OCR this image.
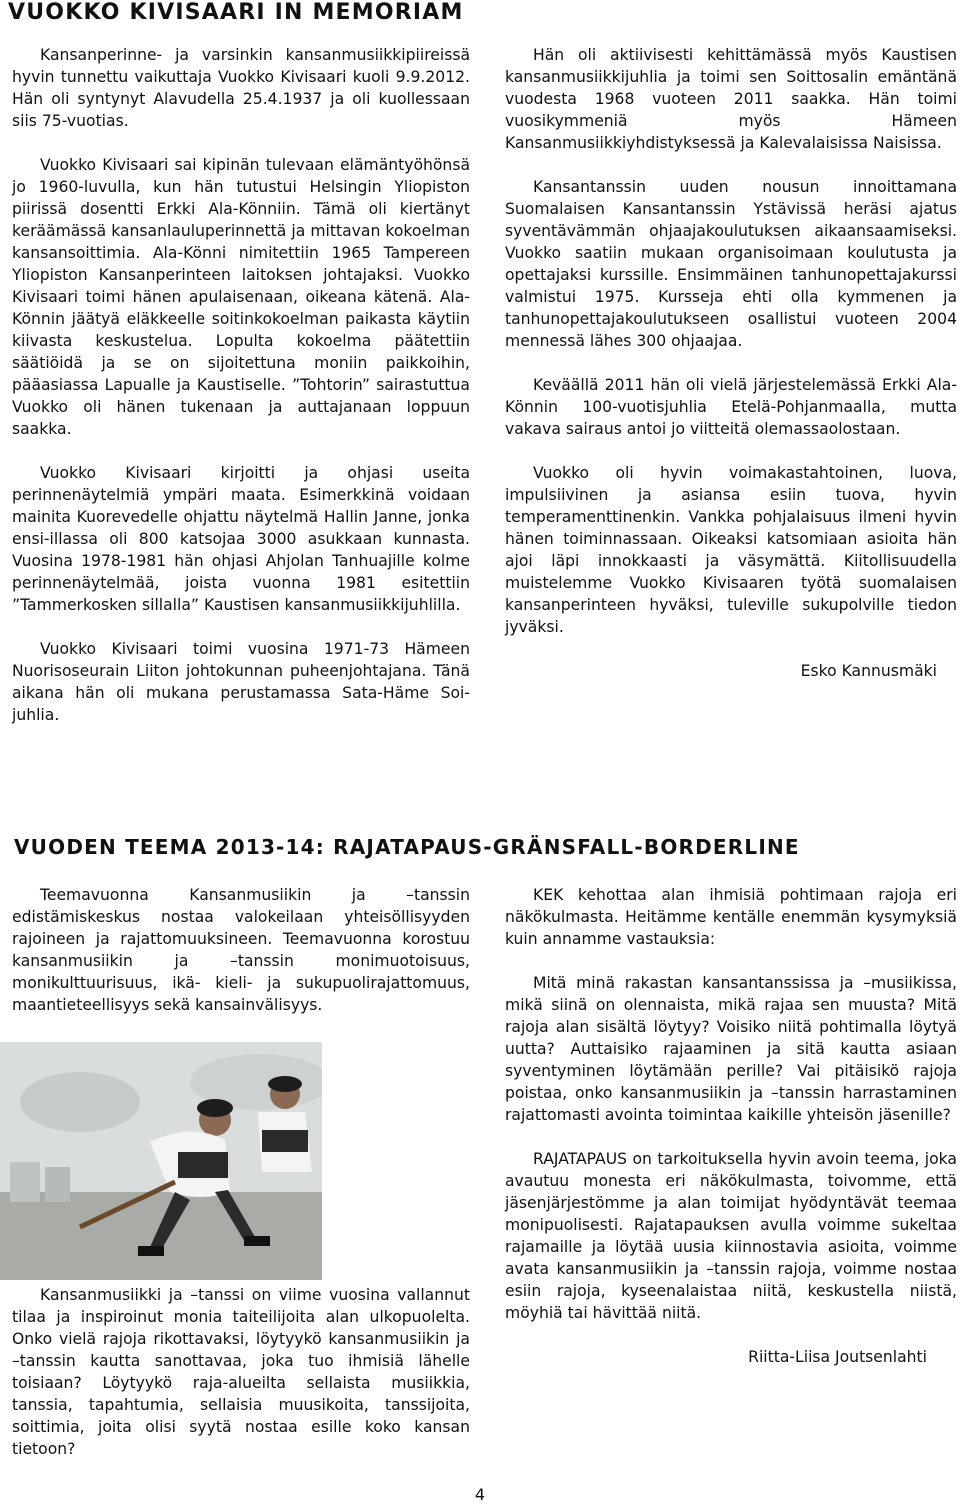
VUOKKO KIVISAARI IN MEMORIAM

Kansanperinne- ja varsinkin kansanmusiikkipiireissä hyvin tunnettu vaikuttaja Vuokko Kivisaari kuoli 9.9.2012. Hän oli syntynyt Alavudella 25.4.1937 ja oli kuollessaan siis 75-vuotias.

Vuokko Kivisaari sai kipinän tulevaan elämäntyöhönsä jo 1960-luvulla, kun hän tutustui Helsingin Yliopiston piirissä dosentti Erkki Ala-Könniin. Tämä oli kiertänyt keräämässä kansanlauluperinnettä ja mittavan kokoelman kansansoittimia. Ala-Könni nimitettiin 1965 Tampereen Yliopiston Kansanperinteen laitoksen johtajaksi. Vuokko Kivisaari toimi hänen apulaisenaan, oikeana kätenä. Ala-Könnin jäätyä eläkkeelle soitinkokoelman paikasta käytiin kiivasta keskustelua. Lopulta kokoelma päätettiin säätiöidä ja se on sijoitettuna moniin paikkoihin, pääasiassa Lapualle ja Kaustiselle. ”Tohtorin” sairastuttua Vuokko oli hänen tukenaan ja auttajanaan loppuun saakka.

Vuokko Kivisaari kirjoitti ja ohjasi useita perinnenäytelmiä ympäri maata. Esimerkkinä voidaan mainita Kuorevedelle ohjattu näytelmä Hallin Janne, jonka ensi-illassa oli 800 katsojaa 3000 asukkaan kunnasta. Vuosina 1978-1981 hän ohjasi Ahjolan Tanhuajille kolme perinnenäytelmää, joista vuonna 1981 esitettiin ”Tammerkosken sillalla” Kaustisen kansanmusiikkijuhlilla.

Vuokko Kivisaari toimi vuosina 1971-73 Hämeen Nuorisoseurain Liiton johtokunnan puheenjohtajana. Tänä aikana hän oli mukana perustamassa Sata-Häme Soi- juhlia.

Hän oli aktiivisesti kehittämässä myös Kaustisen kansanmusiikkijuhlia ja toimi sen Soittosalin emäntänä vuodesta 1968 vuoteen 2011 saakka. Hän toimi vuosikymmeniä myös Hämeen Kansanmusiikkiyhdistyksessä ja Kalevalaisissa Naisissa.

Kansantanssin uuden nousun innoittamana Suomalaisen Kansantanssin Ystävissä heräsi ajatus syventävämmän ohjaajakoulutuksen aikaansaamiseksi. Vuokko saatiin mukaan organisoimaan koulutusta ja opettajaksi kurssille. Ensimmäinen tanhunopettajakurssi valmistui 1975. Kursseja ehti olla kymmenen ja tanhunopettajakoulutukseen osallistui vuoteen 2004 mennessä lähes 300 ohjaajaa.

Keväällä 2011 hän oli vielä järjestelemässä Erkki Ala-Könnin 100-vuotisjuhlia Etelä-Pohjanmaalla, mutta vakava sairaus antoi jo viitteitä olemassaolostaan.

Vuokko oli hyvin voimakastahtoinen, luova, impulsiivinen ja asiansa esiin tuova, hyvin temperamenttinenkin. Vankka pohjalaisuus ilmeni hyvin hänen toiminnassaan. Oikeaksi katsomiaan asioita hän ajoi läpi innokkaasti ja väsymättä. Kiitollisuudella muistelemme Vuokko Kivisaaren työtä suomalaisen kansanperinteen hyväksi, tuleville sukupolville tiedon jyväksi.

Esko Kannusmäki

VUODEN TEEMA 2013-14: RAJATAPAUS-GRÄNSFALL-BORDERLINE

Teemavuonna Kansanmusiikin ja –tanssin edistämiskeskus nostaa valokeilaan yhteisöllisyyden rajoineen ja rajattomuuksineen. Teemavuonna korostuu kansanmusiikin ja –tanssin monimuotoisuus, monikulttuurisuus, ikä- kieli- ja sukupuolirajattomuus, maantieteellisyys sekä kansainvälisyys.

Kansanmusiikki ja –tanssi on viime vuosina vallannut tilaa ja inspiroinut monia taiteilijoita alan ulkopuolelta. Onko vielä rajoja rikottavaksi, löytyykö kansanmusiikin ja –tanssin kautta sanottavaa, joka tuo ihmisiä lähelle toisiaan? Löytyykö raja-alueilta sellaista musiikkia, tanssia, tapahtumia, sellaisia muusikoita, tanssijoita, soittimia, joita olisi syytä nostaa esille koko kansan tietoon?

KEK kehottaa alan ihmisiä pohtimaan rajoja eri näkökulmasta. Heitämme kentälle enemmän kysymyksiä kuin annamme vastauksia:

Mitä minä rakastan kansantanssissa ja –musiikissa, mikä siinä on olennaista, mikä rajaa sen muusta? Mitä rajoja alan sisältä löytyy? Voisiko niitä pohtimalla löytyä uutta? Auttaisiko rajaaminen ja sitä kautta asiaan syventyminen löytämään perille? Vai pitäisikö rajoja poistaa, onko kansanmusiikin ja –tanssin harrastaminen rajattomasti avointa toimintaa kaikille yhteisön jäsenille?

RAJATAPAUS on tarkoituksella hyvin avoin teema, joka avautuu monesta eri näkökulmasta, toivomme, että jäsenjärjestömme ja alan toimijat hyödyntävät teemaa monipuolisesti. Rajatapauksen avulla voimme sukeltaa rajamaille ja löytää uusia kiinnostavia asioita, voimme avata kansanmusiikin ja –tanssin rajoja, voimme nostaa esiin rajoja, kyseenalaistaa niitä, keskustella niistä, möyhiä tai hävittää niitä.

Riitta-Liisa Joutsenlahti

4
